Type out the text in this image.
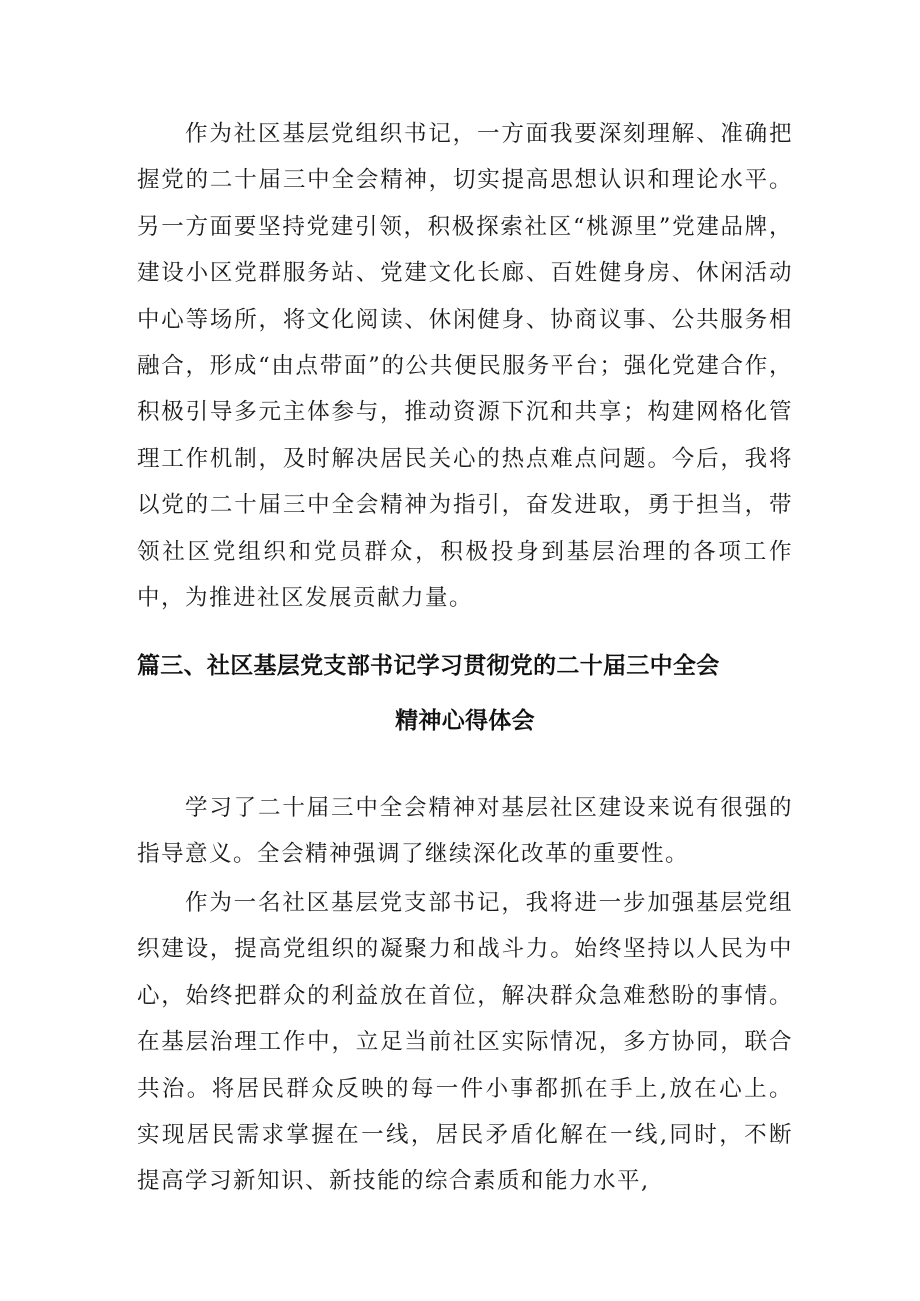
作为社区基层党组织书记，一方面我要深刻理解、准确把握党的二十届三中全会精神，切实提高思想认识和理论水平。另一方面要坚持党建引领，积极探索社区“桃源里”党建品牌，建设小区党群服务站、党建文化长廊、百姓健身房、休闲活动中心等场所，将文化阅读、休闲健身、协商议事、公共服务相融合，形成“由点带面”的公共便民服务平台；强化党建合作，积极引导多元主体参与，推动资源下沉和共享；构建网格化管理工作机制，及时解决居民关心的热点难点问题。今后，我将以党的二十届三中全会精神为指引，奋发进取，勇于担当，带领社区党组织和党员群众，积极投身到基层治理的各项工作中，为推进社区发展贡献力量。

篇三、社区基层党支部书记学习贯彻党的二十届三中全会
精神心得体会

学习了二十届三中全会精神对基层社区建设来说有很强的指导意义。全会精神强调了继续深化改革的重要性。

作为一名社区基层党支部书记，我将进一步加强基层党组织建设，提高党组织的凝聚力和战斗力。始终坚持以人民为中心，始终把群众的利益放在首位，解决群众急难愁盼的事情。在基层治理工作中，立足当前社区实际情况，多方协同，联合共治。将居民群众反映的每一件小事都抓在手上,放在心上。实现居民需求掌握在一线，居民矛盾化解在一线,同时，不断提高学习新知识、新技能的综合素质和能力水平,
